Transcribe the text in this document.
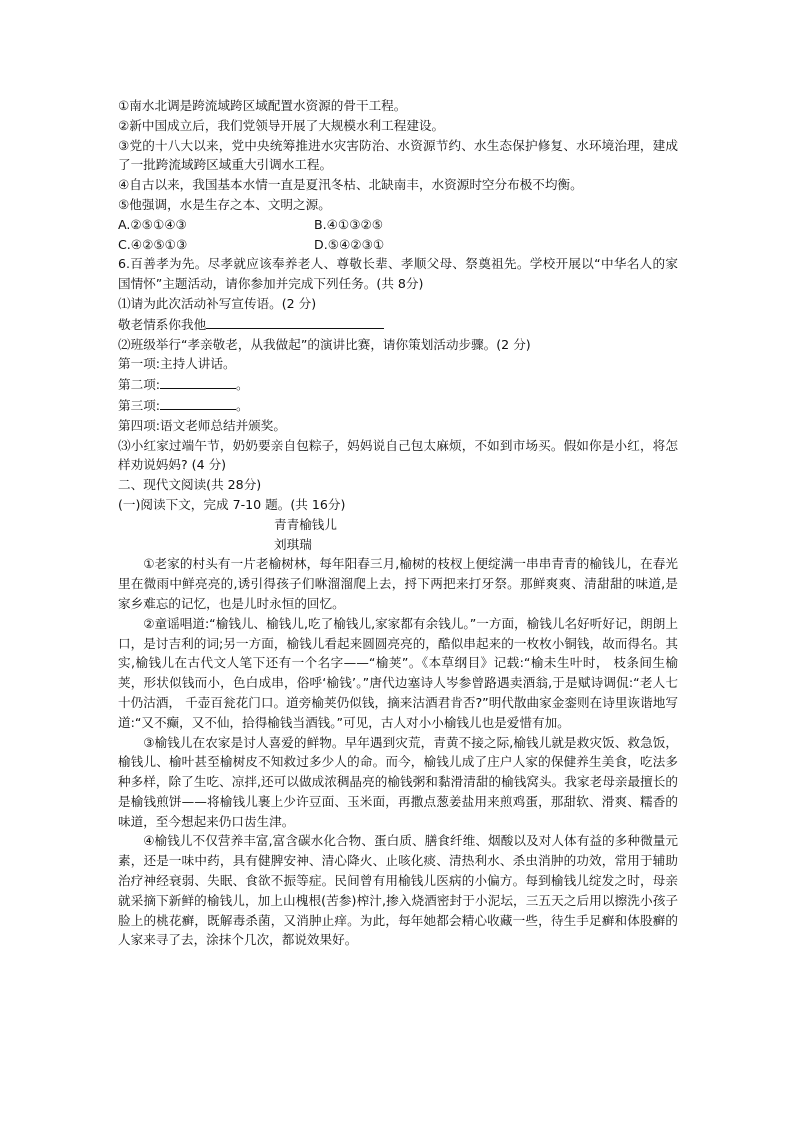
①南水北调是跨流域跨区域配置水资源的骨干工程。
②新中国成立后，我们党领导开展了大规模水利工程建设。
③党的十八大以来，党中央统筹推进水灾害防治、水资源节约、水生态保护修复、水环境治理，建成了一批跨流域跨区域重大引调水工程。
④自古以来，我国基本水情一直是夏汛冬枯、北缺南丰，水资源时空分布极不均衡。
⑤他强调，水是生存之本、文明之源。
A.②⑤①④③	B.④①③②⑤
C.④②⑤①③	D.⑤④②③①
6.百善孝为先。尽孝就应该奉养老人、尊敬长辈、孝顺父母、祭奠祖先。学校开展以“中华名人的家国情怀”主题活动，请你参加并完成下列任务。(共 8分)
⑴请为此次活动补写宣传语。(2 分)
敬老情系你我他
⑵班级举行“孝亲敬老，从我做起”的演讲比赛，请你策划活动步骤。(2 分)
第一项:主持人讲话。
第二项:	。
第三项:	。
第四项:语文老师总结并颁奖。
⑶小红家过端午节，奶奶要亲自包粽子，妈妈说自己包太麻烦，不如到市场买。假如你是小红，将怎样劝说妈妈? (4 分)
二、现代文阅读(共 28分)
(一)阅读下文，完成 7-10 题。(共 16分)
青青榆钱儿
刘琪瑞
①老家的村头有一片老榆树林，每年阳春三月,榆树的枝杈上便绽满一串串青青的榆钱儿，在春光里在微雨中鲜亮亮的,诱引得孩子们咻溜溜爬上去，捋下两把来打牙祭。那鲜爽爽、清甜甜的味道,是家乡难忘的记忆，也是儿时永恒的回忆。
②童谣唱道:“榆钱儿、榆钱儿,吃了榆钱儿,家家都有余钱儿。”一方面，榆钱儿名好听好记，朗朗上口，是讨吉利的词;另一方面，榆钱儿看起来圆圆亮亮的，酷似串起来的一枚枚小铜钱，故而得名。其实,榆钱儿在古代文人笔下还有一个名字——“榆荚”。《本草纲目》记载:“榆未生叶时， 枝条间生榆荚，形状似钱而小，色白成串，俗呼‘榆钱’。”唐代边塞诗人岑参曾路遇卖酒翁,于是赋诗调侃:“老人七十仍沽酒， 千壶百瓮花门口。道旁榆荚仍似钱，摘来沽酒君肯否?”明代散曲家金銮则在诗里诙谐地写道:“又不癫，又不仙，拾得榆钱当酒钱。”可见，古人对小小榆钱儿也是爱惜有加。
③榆钱儿在农家是讨人喜爱的鲜物。早年遇到灾荒，青黄不接之际,榆钱儿就是救灾饭、救急饭，榆钱儿、榆叶甚至榆树皮不知救过多少人的命。而今，榆钱儿成了庄户人家的保健养生美食，吃法多种多样，除了生吃、凉拌,还可以做成浓稠晶亮的榆钱粥和黏滑清甜的榆钱窝头。我家老母亲最擅长的是榆钱煎饼——将榆钱儿裹上少许豆面、玉米面，再撒点葱姜盐用来煎鸡蛋，那甜软、滑爽、糯香的味道，至今想起来仍口齿生津。
④榆钱儿不仅营养丰富,富含碳水化合物、蛋白质、膳食纤维、烟酸以及对人体有益的多种微量元素，还是一味中药，具有健脾安神、清心降火、止咳化痰、清热利水、杀虫消肿的功效，常用于辅助治疗神经衰弱、失眠、食欲不振等症。民间曾有用榆钱儿医病的小偏方。每到榆钱儿绽发之时，母亲就采摘下新鲜的榆钱儿，加上山槐根(苦参)榨汁,掺入烧酒密封于小泥坛，三五天之后用以擦洗小孩子脸上的桃花癣，既解毒杀菌，又消肿止痒。为此，每年她都会精心收藏一些，待生手足癣和体股癣的人家来寻了去，涂抹个几次，都说效果好。
